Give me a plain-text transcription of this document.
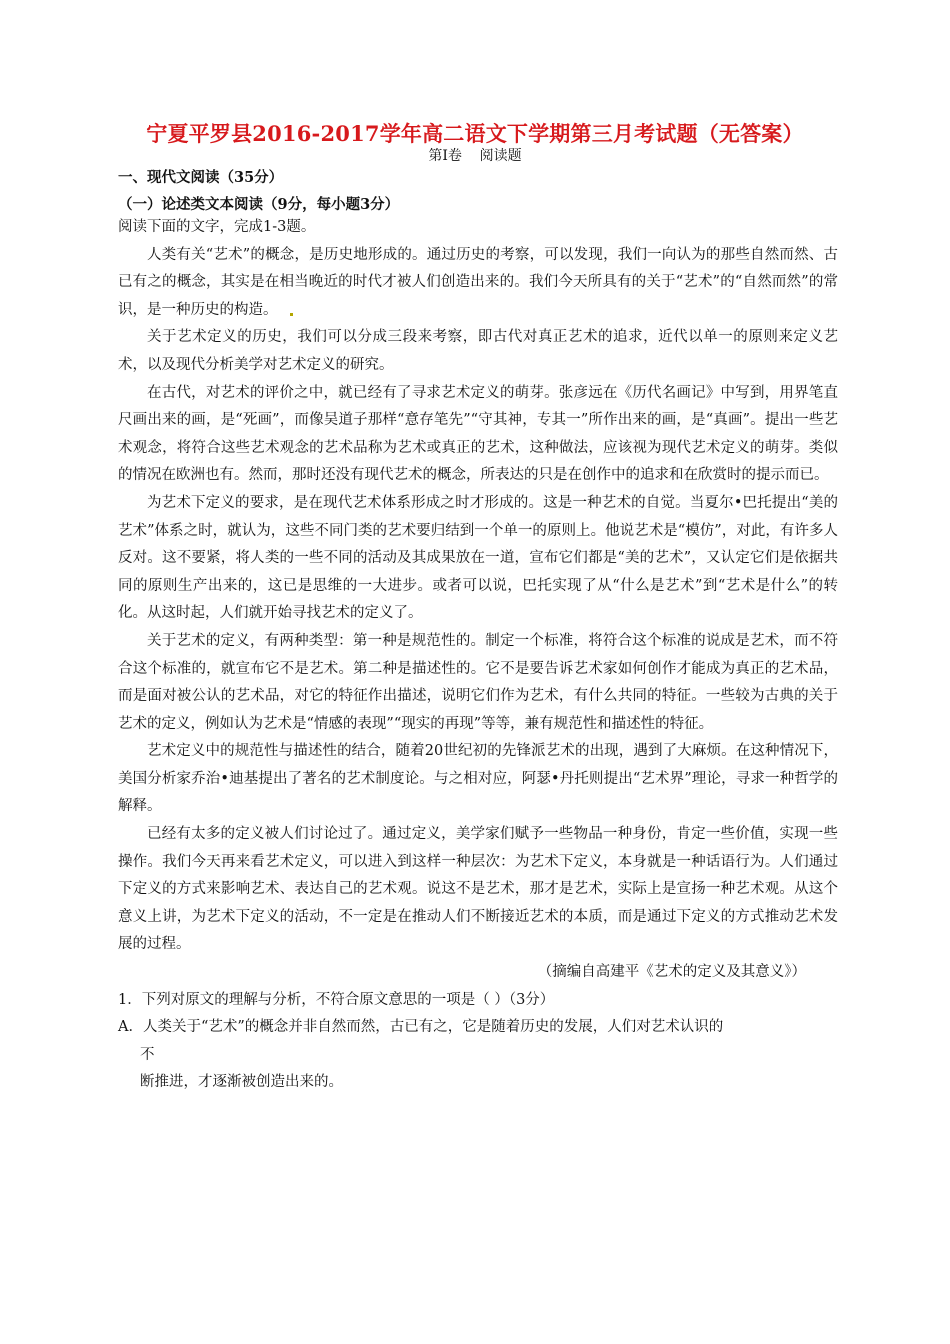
宁夏平罗县2016-2017学年高二语文下学期第三月考试题（无答案）
第Ⅰ卷    阅读题
一、现代文阅读（35分）
（一）论述类文本阅读（9分，每小题3分）

阅读下面的文字，完成1-3题。

人类有关“艺术”的概念，是历史地形成的。通过历史的考察，可以发现，我们一向认为的那些自然而然、古已有之的概念，其实是在相当晚近的时代才被人们创造出来的。我们今天所具有的关于“艺术”的“自然而然”的常识，是一种历史的构造。

关于艺术定义的历史，我们可以分成三段来考察，即古代对真正艺术的追求，近代以单一的原则来定义艺术，以及现代分析美学对艺术定义的研究。

在古代，对艺术的评价之中，就已经有了寻求艺术定义的萌芽。张彦远在《历代名画记》中写到，用界笔直尺画出来的画，是“死画”，而像吴道子那样“意存笔先”“守其神，专其一”所作出来的画，是“真画”。提出一些艺术观念，将符合这些艺术观念的艺术品称为艺术或真正的艺术，这种做法，应该视为现代艺术定义的萌芽。类似的情况在欧洲也有。然而，那时还没有现代艺术的概念，所表达的只是在创作中的追求和在欣赏时的提示而已。

为艺术下定义的要求，是在现代艺术体系形成之时才形成的。这是一种艺术的自觉。当夏尔•巴托提出“美的艺术”体系之时，就认为，这些不同门类的艺术要归结到一个单一的原则上。他说艺术是“模仿”，对此，有许多人反对。这不要紧，将人类的一些不同的活动及其成果放在一道，宣布它们都是“美的艺术”，又认定它们是依据共同的原则生产出来的，这已是思维的一大进步。或者可以说，巴托实现了从“什么是艺术”到“艺术是什么”的转化。从这时起，人们就开始寻找艺术的定义了。

关于艺术的定义，有两种类型：第一种是规范性的。制定一个标准，将符合这个标准的说成是艺术，而不符合这个标准的，就宣布它不是艺术。第二种是描述性的。它不是要告诉艺术家如何创作才能成为真正的艺术品，而是面对被公认的艺术品，对它的特征作出描述，说明它们作为艺术，有什么共同的特征。一些较为古典的关于艺术的定义，例如认为艺术是“情感的表现”“现实的再现”等等，兼有规范性和描述性的特征。

艺术定义中的规范性与描述性的结合，随着20世纪初的先锋派艺术的出现，遇到了大麻烦。在这种情况下，美国分析家乔治•迪基提出了著名的艺术制度论。与之相对应，阿瑟•丹托则提出“艺术界”理论，寻求一种哲学的解释。

已经有太多的定义被人们讨论过了。通过定义，美学家们赋予一些物品一种身份，肯定一些价值，实现一些操作。我们今天再来看艺术定义，可以进入到这样一种层次：为艺术下定义，本身就是一种话语行为。人们通过下定义的方式来影响艺术、表达自己的艺术观。说这不是艺术，那才是艺术，实际上是宣扬一种艺术观。从这个意义上讲，为艺术下定义的活动，不一定是在推动人们不断接近艺术的本质，而是通过下定义的方式推动艺术发展的过程。

（摘编自高建平《艺术的定义及其意义》）

1．下列对原文的理解与分析，不符合原文意思的一项是（ ）（3分）

A．人类关于“艺术”的概念并非自然而然，古已有之，它是随着历史的发展，人们对艺术认识的

不

断推进，才逐渐被创造出来的。
